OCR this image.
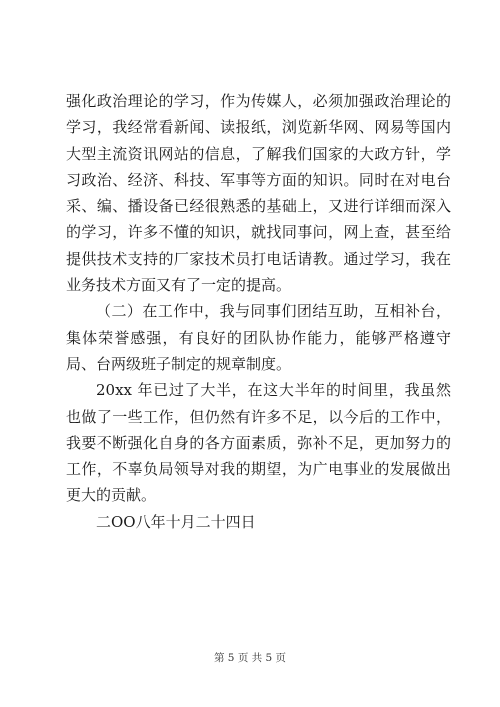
强化政治理论的学习，作为传媒人，必须加强政治理论的学习，我经常看新闻、读报纸，浏览新华网、网易等国内大型主流资讯网站的信息，了解我们国家的大政方针，学习政治、经济、科技、军事等方面的知识。同时在对电台采、编、播设备已经很熟悉的基础上，又进行详细而深入的学习，许多不懂的知识，就找同事问，网上查，甚至给提供技术支持的厂家技术员打电话请教。通过学习，我在业务技术方面又有了一定的提高。

（二）在工作中，我与同事们团结互助，互相补台，集体荣誉感强，有良好的团队协作能力，能够严格遵守局、台两级班子制定的规章制度。

20xx 年已过了大半，在这大半年的时间里，我虽然也做了一些工作，但仍然有许多不足，以今后的工作中，我要不断强化自身的各方面素质，弥补不足，更加努力的工作，不辜负局领导对我的期望，为广电事业的发展做出更大的贡献。

二OO八年十月二十四日

第 5 页 共 5 页
